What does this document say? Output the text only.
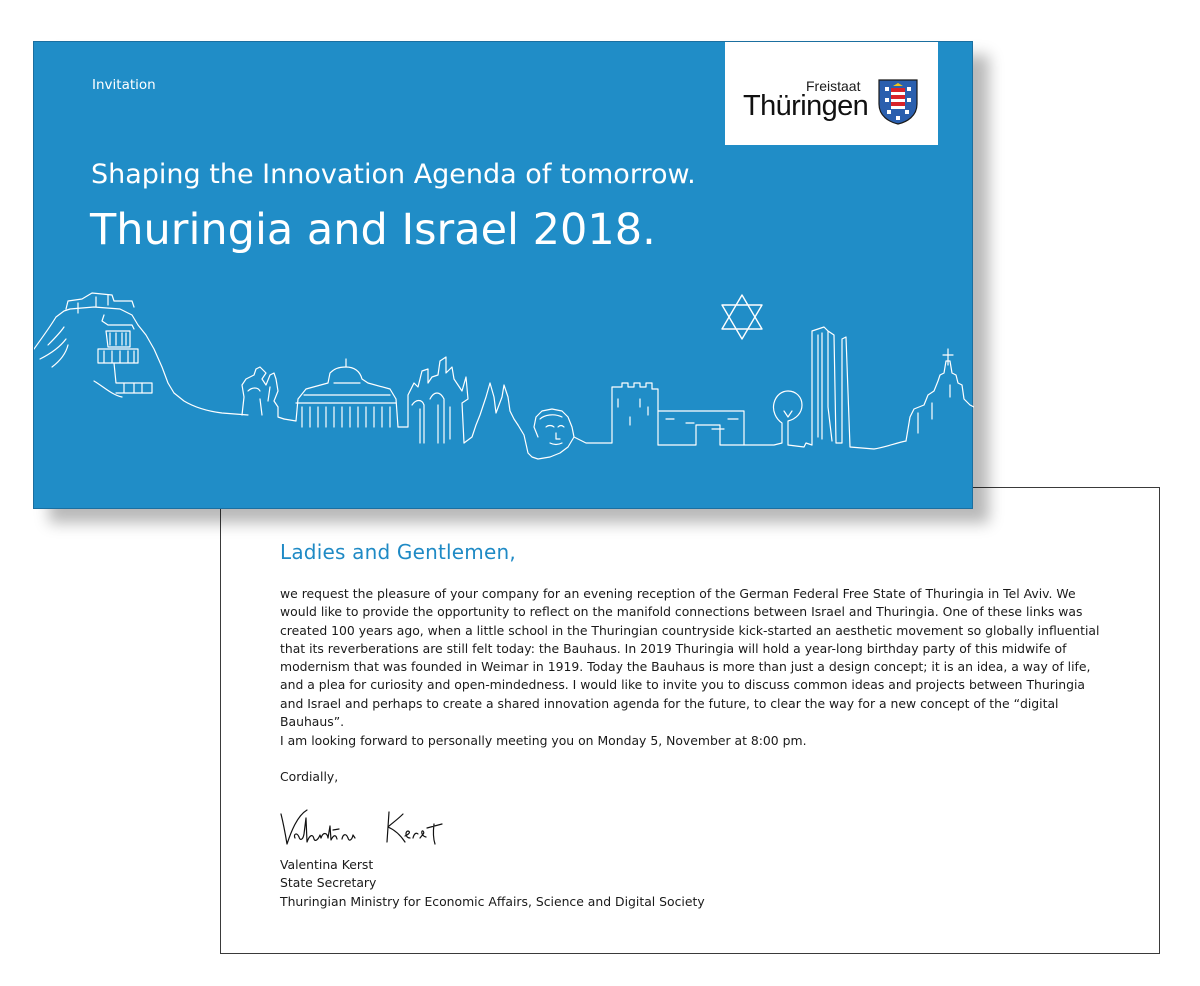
Ladies and Gentlemen,

we request the pleasure of your company for an evening reception of the German Federal Free State of Thuringia in Tel Aviv. We would like to provide the opportunity to reflect on the manifold connections between Israel and Thuringia. One of these links was created 100 years ago, when a little school in the Thuringian countryside kick-started an aesthetic movement so globally influential that its reverberations are still felt today: the Bauhaus. In 2019 Thuringia will hold a year-long birthday party of this midwife of modernism that was founded in Weimar in 1919. Today the Bauhaus is more than just a design concept; it is an idea, a way of life, and a plea for curiosity and open-mindedness. I would like to invite you to discuss common ideas and projects between Thuringia and Israel and perhaps to create a shared innovation agenda for the future, to clear the way for a new concept of the “digital Bauhaus”.

I am looking forward to personally meeting you on Monday 5, November at 8:00 pm.

Cordially,

Valentina Kerst
Valentina Kerst
State Secretary
Thuringian Ministry for Economic Affairs, Science and Digital Society

Invitation

Shaping the Innovation Agenda of tomorrow.
Thuringia and Israel 2018.
Freistaat
Thüringen
